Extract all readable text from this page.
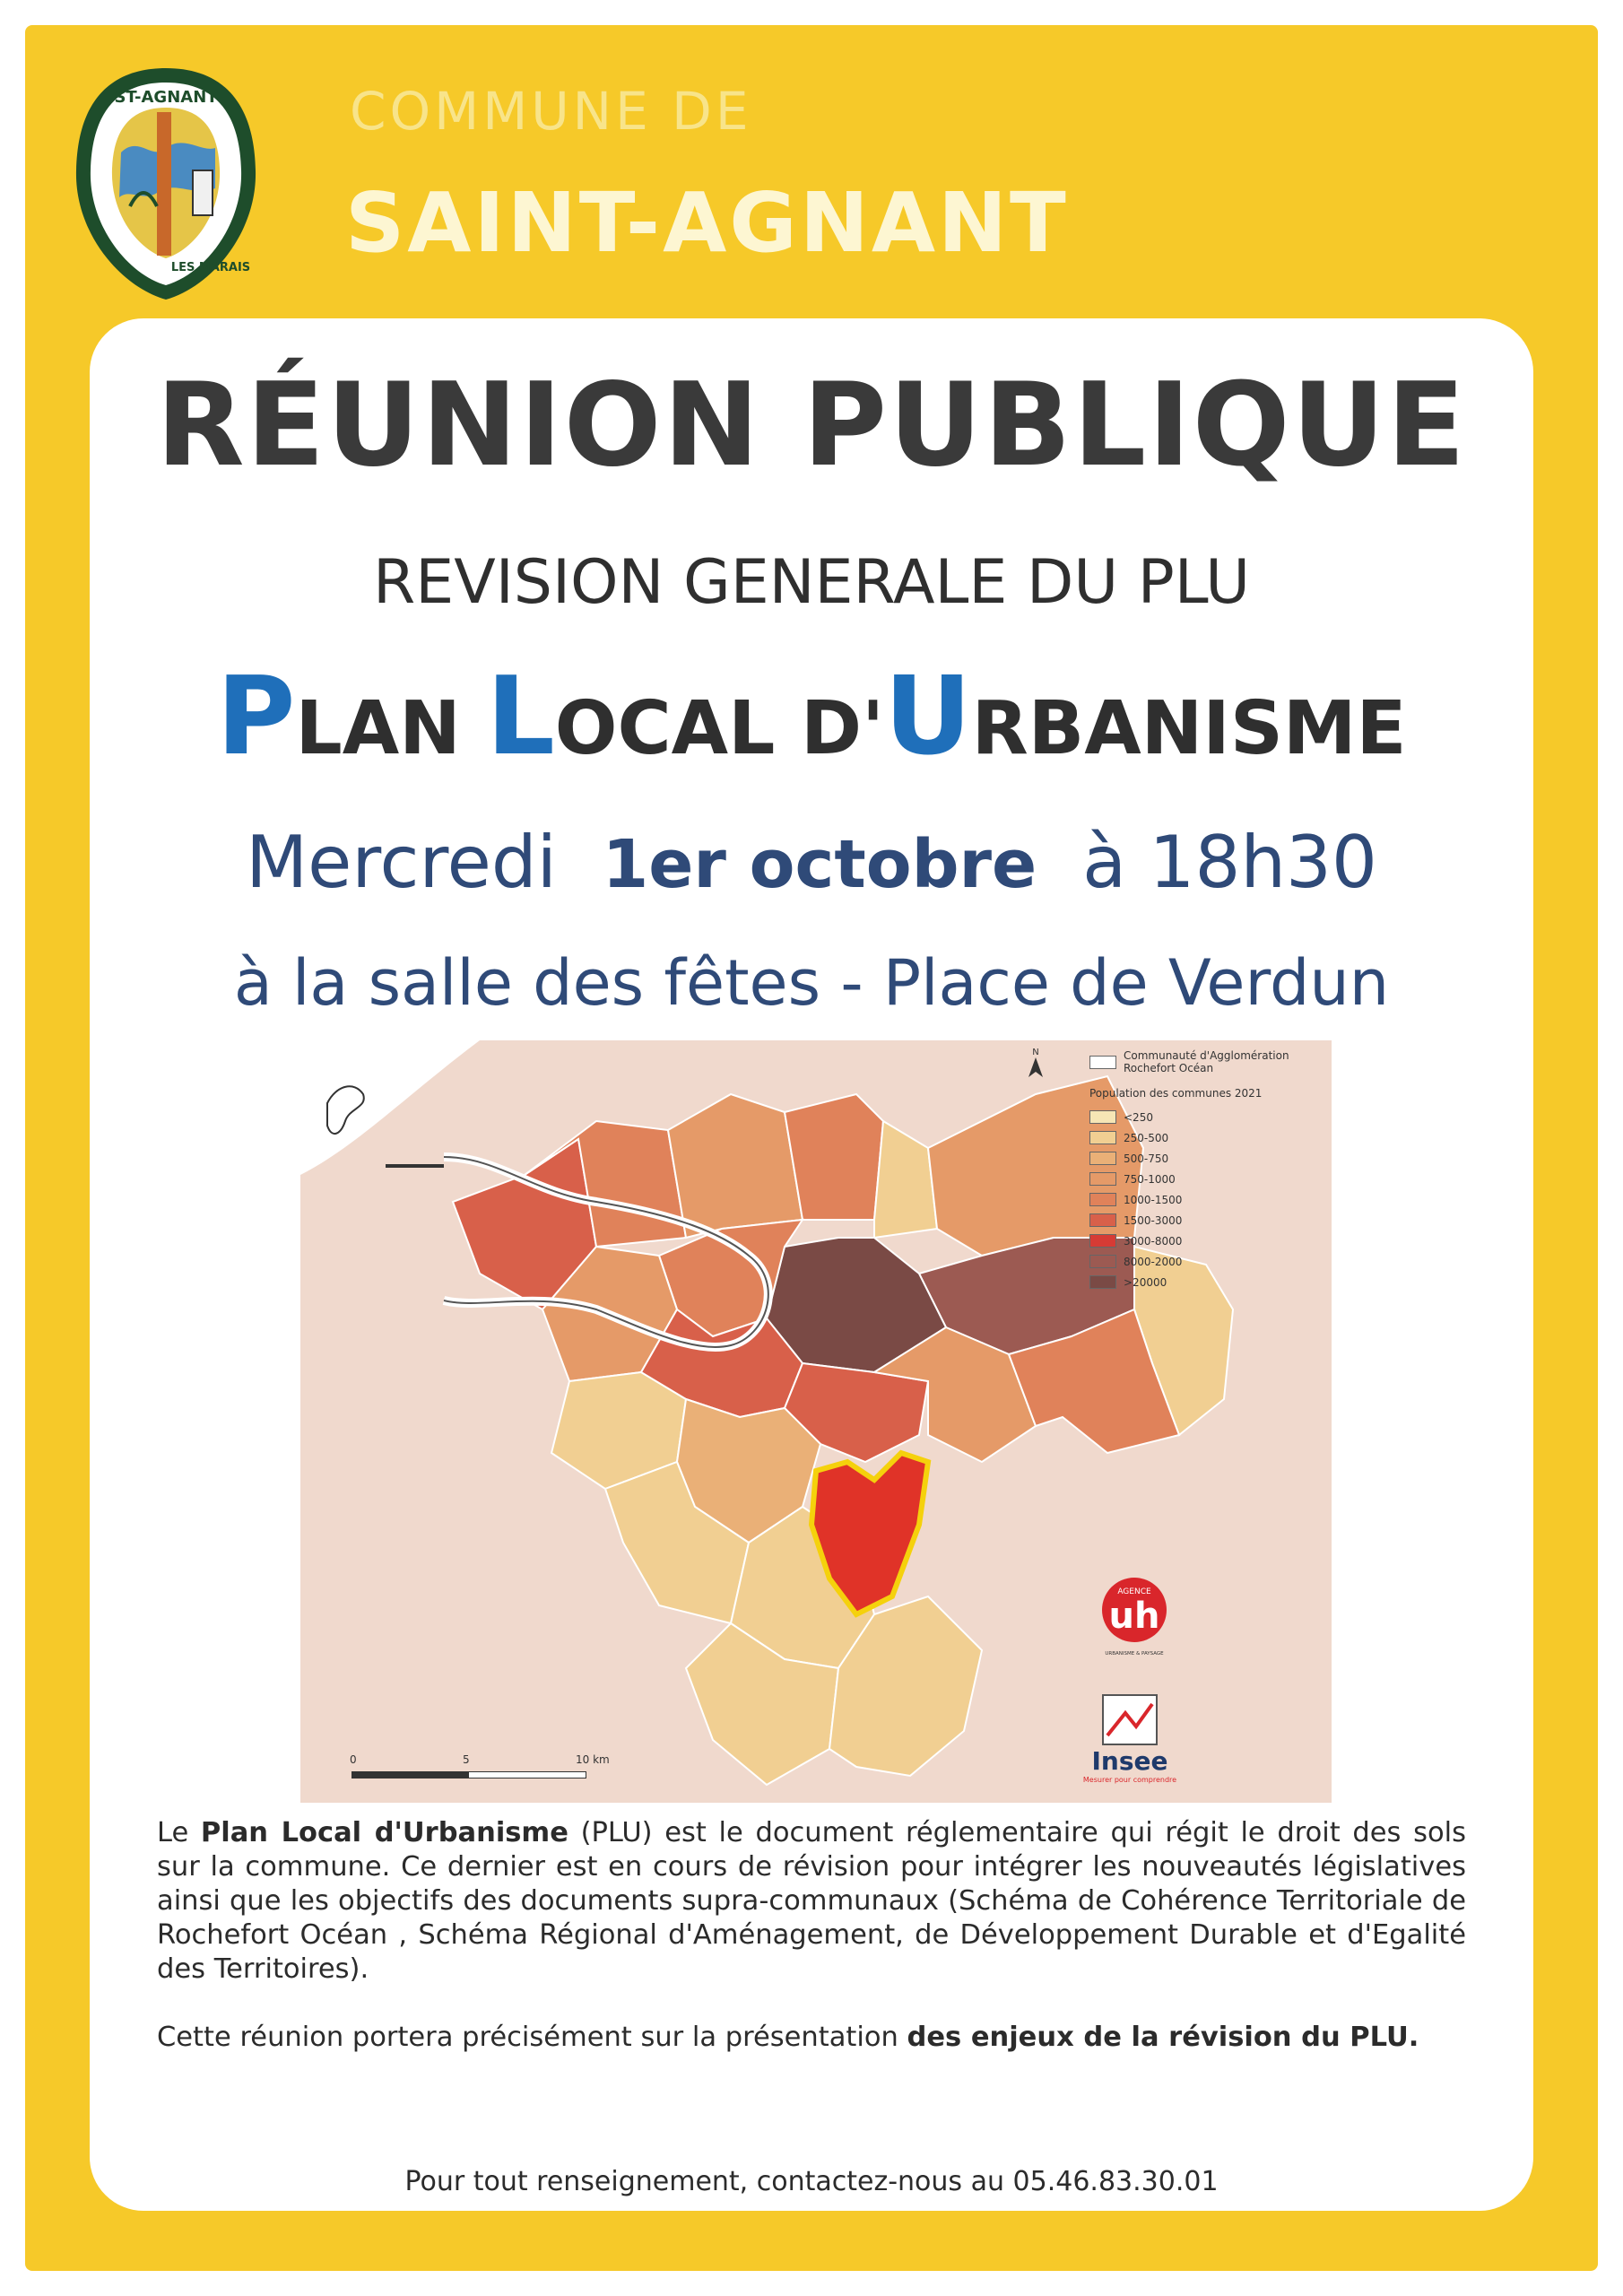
ST-AGNANT
LES MARAIS
COMMUNE DE
SAINT-AGNANT
RÉUNION PUBLIQUE
REVISION GENERALE DU PLU
PLAN LOCAL D'URBANISME
Mercredi 1er octobre à 18h30
à la salle des fêtes - Place de Verdun
N	Communauté d'Agglomération
Rochefort Océan
Population des communes 2021
<250
250-500
500-750
750-1000
1000-1500
1500-3000
3000-8000
8000-2000
>20000
AGENCE
uh
URBANISME & PAYSAGE
Insee
Mesurer pour comprendre
0	5	10 km

Le Plan Local d'Urbanisme (PLU) est le document réglementaire qui régit le droit des sols sur la commune. Ce dernier est en cours de révision pour intégrer les nouveautés législatives ainsi que les objectifs des documents supra-communaux (Schéma de Cohérence Territoriale de Rochefort Océan , Schéma Régional d'Aménagement, de Développement Durable et d'Egalité des Territoires).

Cette réunion portera précisément sur la présentation des enjeux de la révision du PLU.

Pour tout renseignement, contactez-nous au 05.46.83.30.01
